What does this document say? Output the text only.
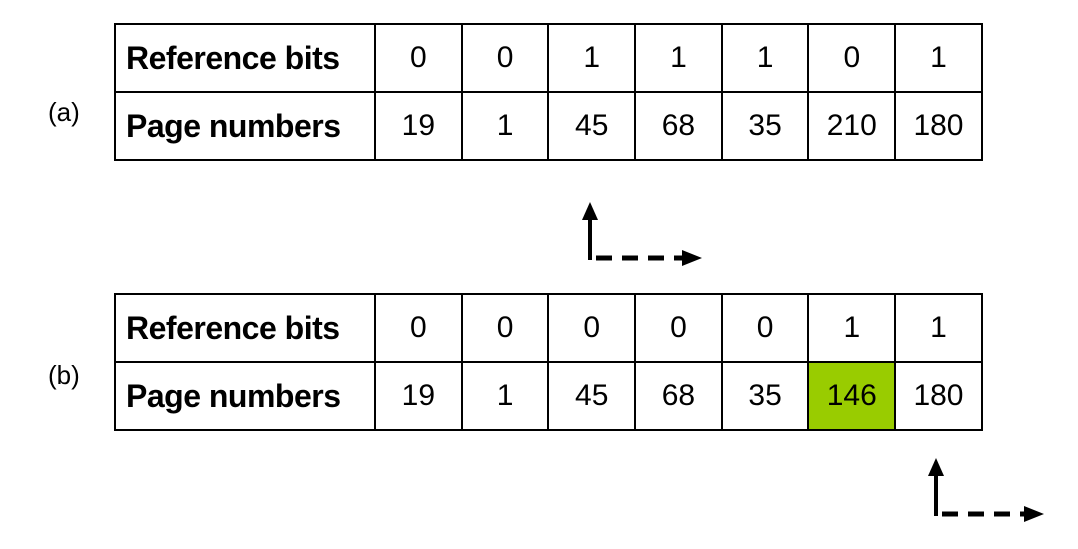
(a)
Reference bits	0	0	1	1	1	0	1
Page numbers	19	1	45	68	35	210	180
(b)
Reference bits	0	0	0	0	0	1	1
Page numbers	19	1	45	68	35	146	180
